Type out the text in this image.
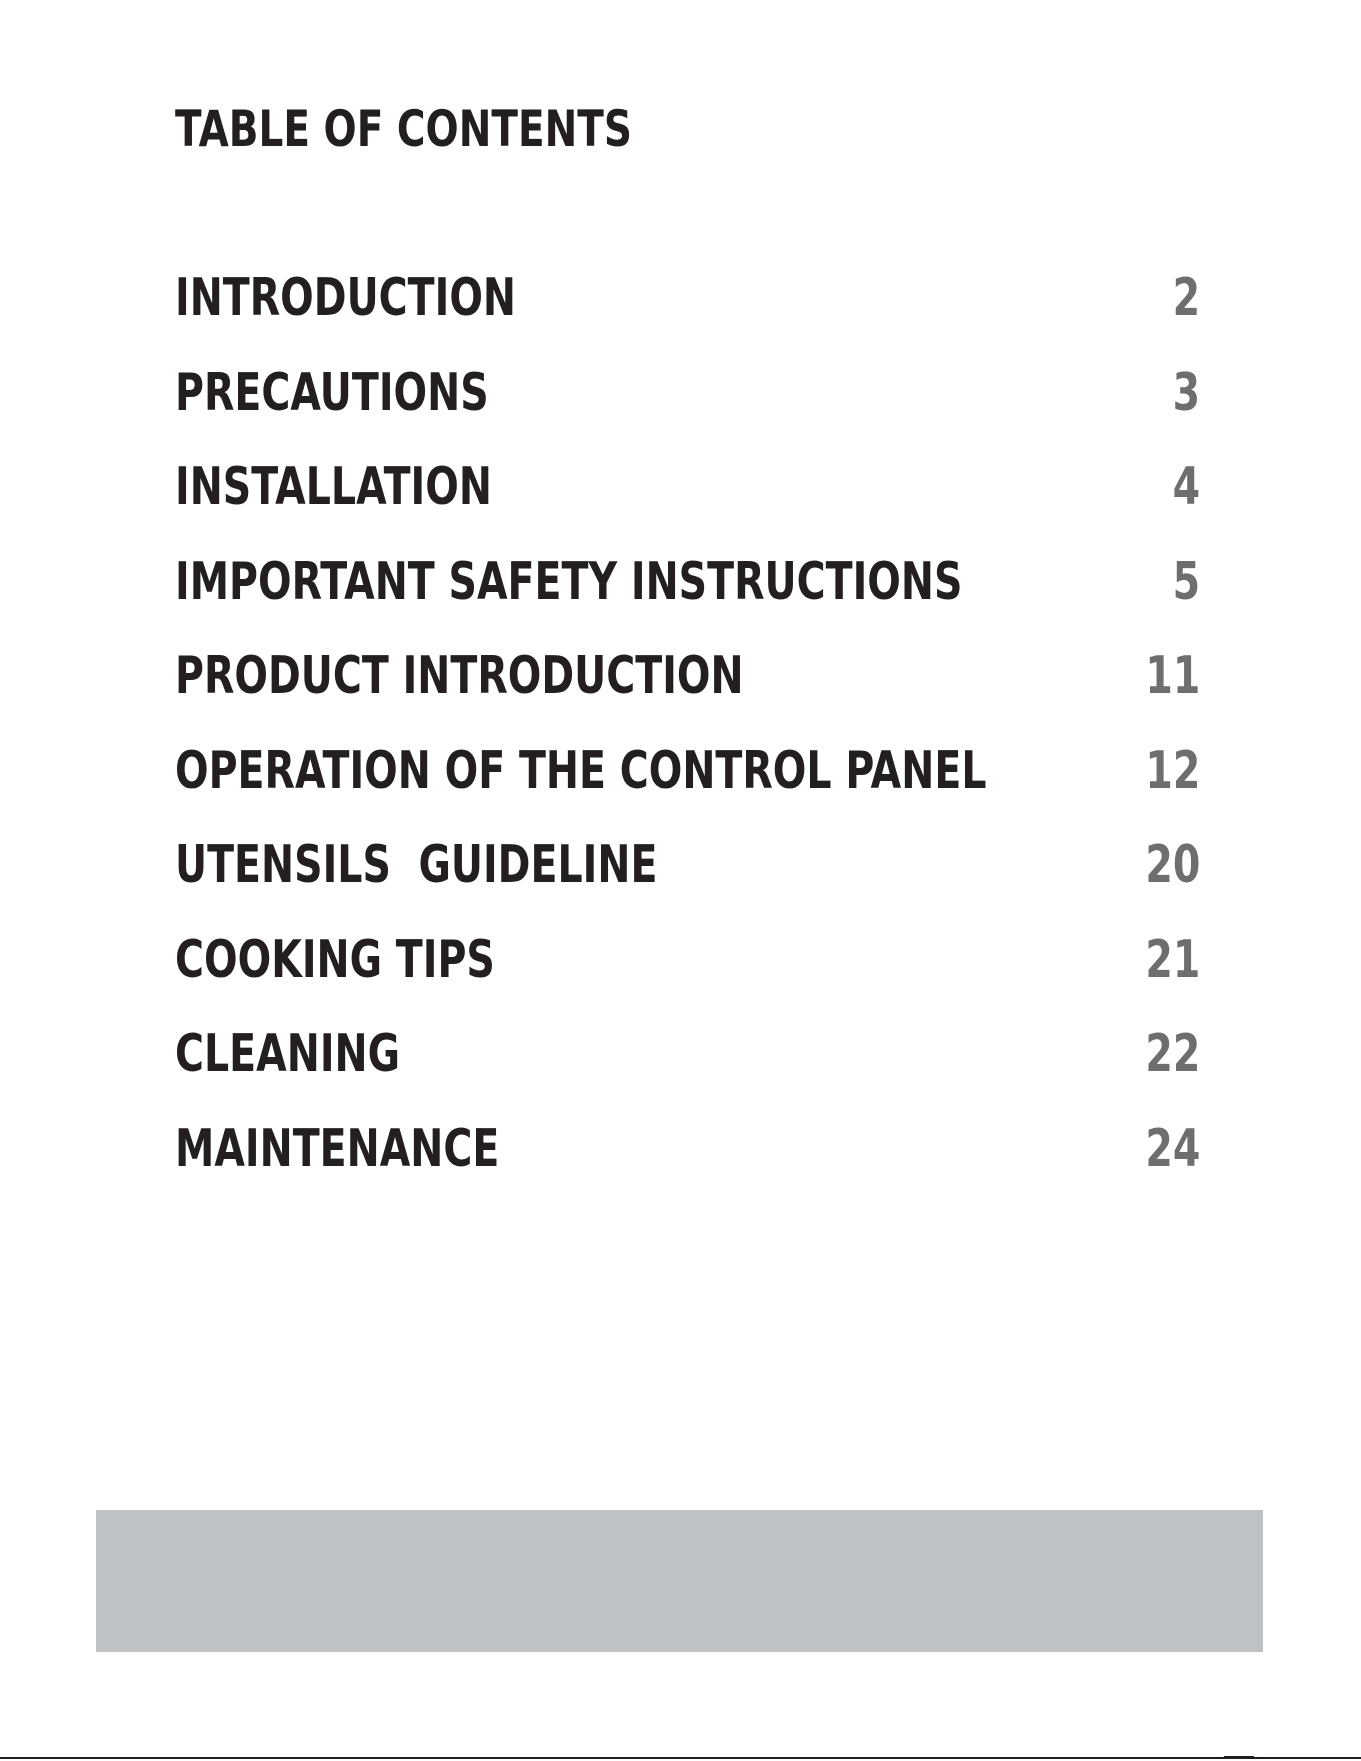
TABLE OF CONTENTS
INTRODUCTION	2
PRECAUTIONS	3
INSTALLATION	4
IMPORTANT SAFETY INSTRUCTIONS	5
PRODUCT INTRODUCTION	11
OPERATION OF THE CONTROL PANEL	12
UTENSILS  GUIDELINE	20
COOKING TIPS	21
CLEANING	22
MAINTENANCE	24
